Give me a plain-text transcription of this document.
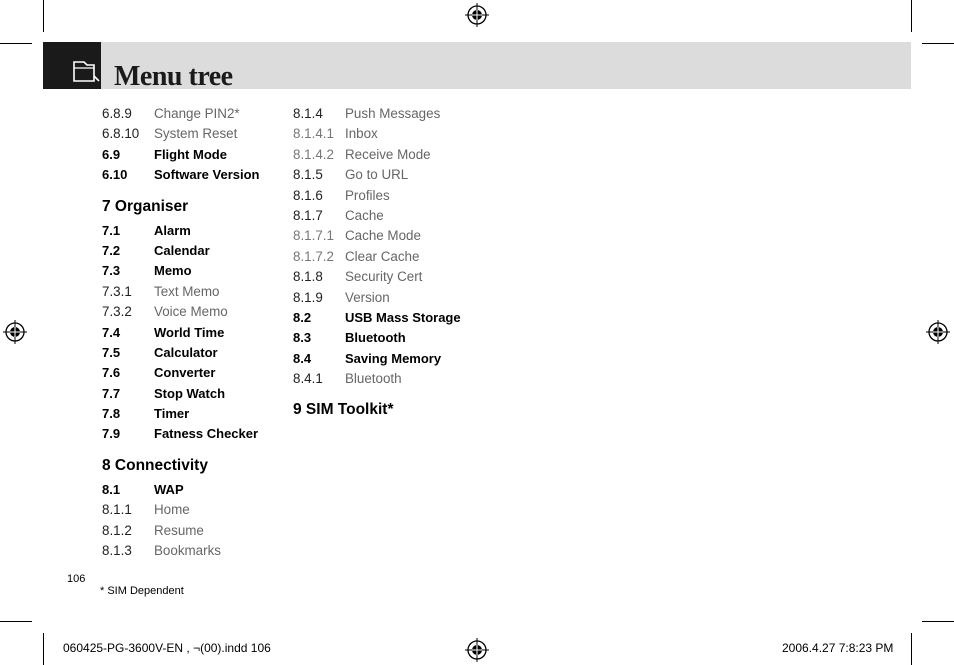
Menu tree
6.8.9 Change PIN2*
6.8.10 System Reset
6.9	Flight Mode
6.10 Software Version
7 Organiser
7.1	Alarm
7.2	Calendar
7.3	Memo
7.3.1 Text Memo
7.3.2 Voice Memo
7.4	World Time
7.5	Calculator
7.6	Converter
7.7	Stop Watch
7.8	Timer
7.9	Fatness Checker
8 Connectivity
8.1	WAP
8.1.1 Home
8.1.2 Resume
8.1.3 Bookmarks
8.1.4 Push Messages
8.1.4.1 Inbox
8.1.4.2 Receive Mode
8.1.5 Go to URL
8.1.6 Profiles
8.1.7 Cache
8.1.7.1 Cache Mode
8.1.7.2 Clear Cache
8.1.8 Security Cert
8.1.9 Version
8.2	USB Mass Storage
8.3	Bluetooth
8.4	Saving Memory
8.4.1 Bluetooth
9 SIM Toolkit*
106
* SIM Dependent
060425-PG-3600V-EN , ¬(00).indd 106	2006.4.27 7:8:23 PM
